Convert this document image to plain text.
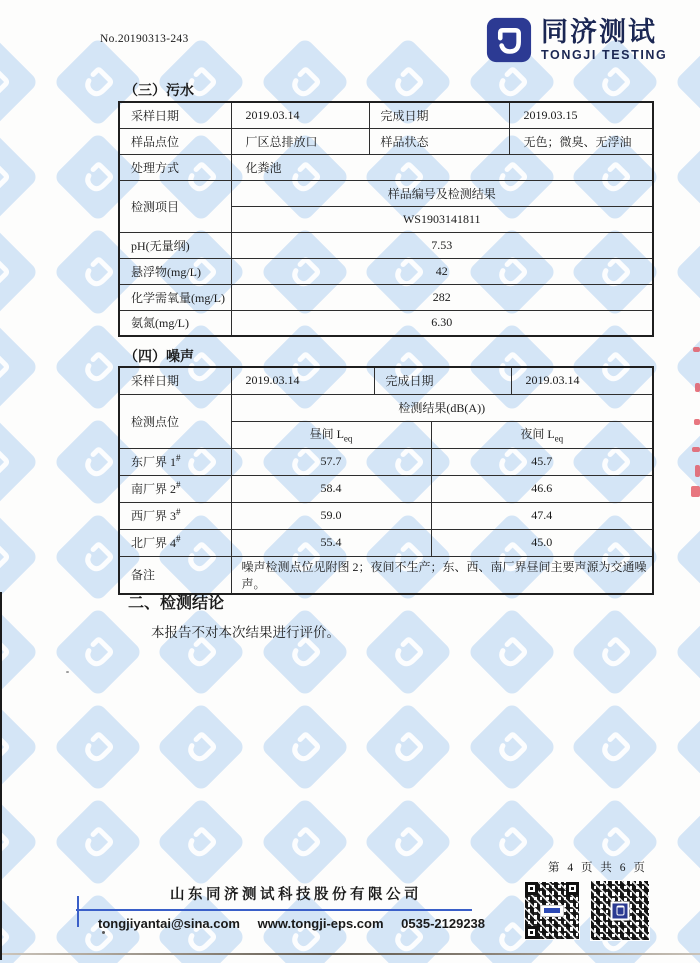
No.20190313-243	同济测试
TONGJI TESTING
（三）污水
采样日期	2019.03.14	完成日期	2019.03.15
样品点位	厂区总排放口	样品状态	无色；微臭、无浮油
处理方式	化粪池		
检测项目	样品编号及检测结果		
	WS1903141811		
pH(无量纲)	7.53		
悬浮物(mg/L)	42		
化学需氧量(mg/L)	282		
氨氮(mg/L)	6.30		
（四）噪声
采样日期	2019.03.14	完成日期		2019.03.14
检测点位	检测结果(dB(A))			
	昼间 $L_{eq}$		夜间 $L_{eq}$
东厂界 1#	57.7		45.7	
南厂界 2#	58.4		46.6	
西厂界 3#	59.0		47.4	
北厂界 4#	55.4		45.0	
备注	噪声检测点位见附图 2；夜间不生产；东、西、南厂界昼间主要声源为交通噪声。			
二、检测结论
本报告不对本次结果进行评价。
第 4 页 共 6 页
山东同济测试科技股份有限公司
tongjiyantai@sina.com www.tongji-eps.com 0535-2129238
